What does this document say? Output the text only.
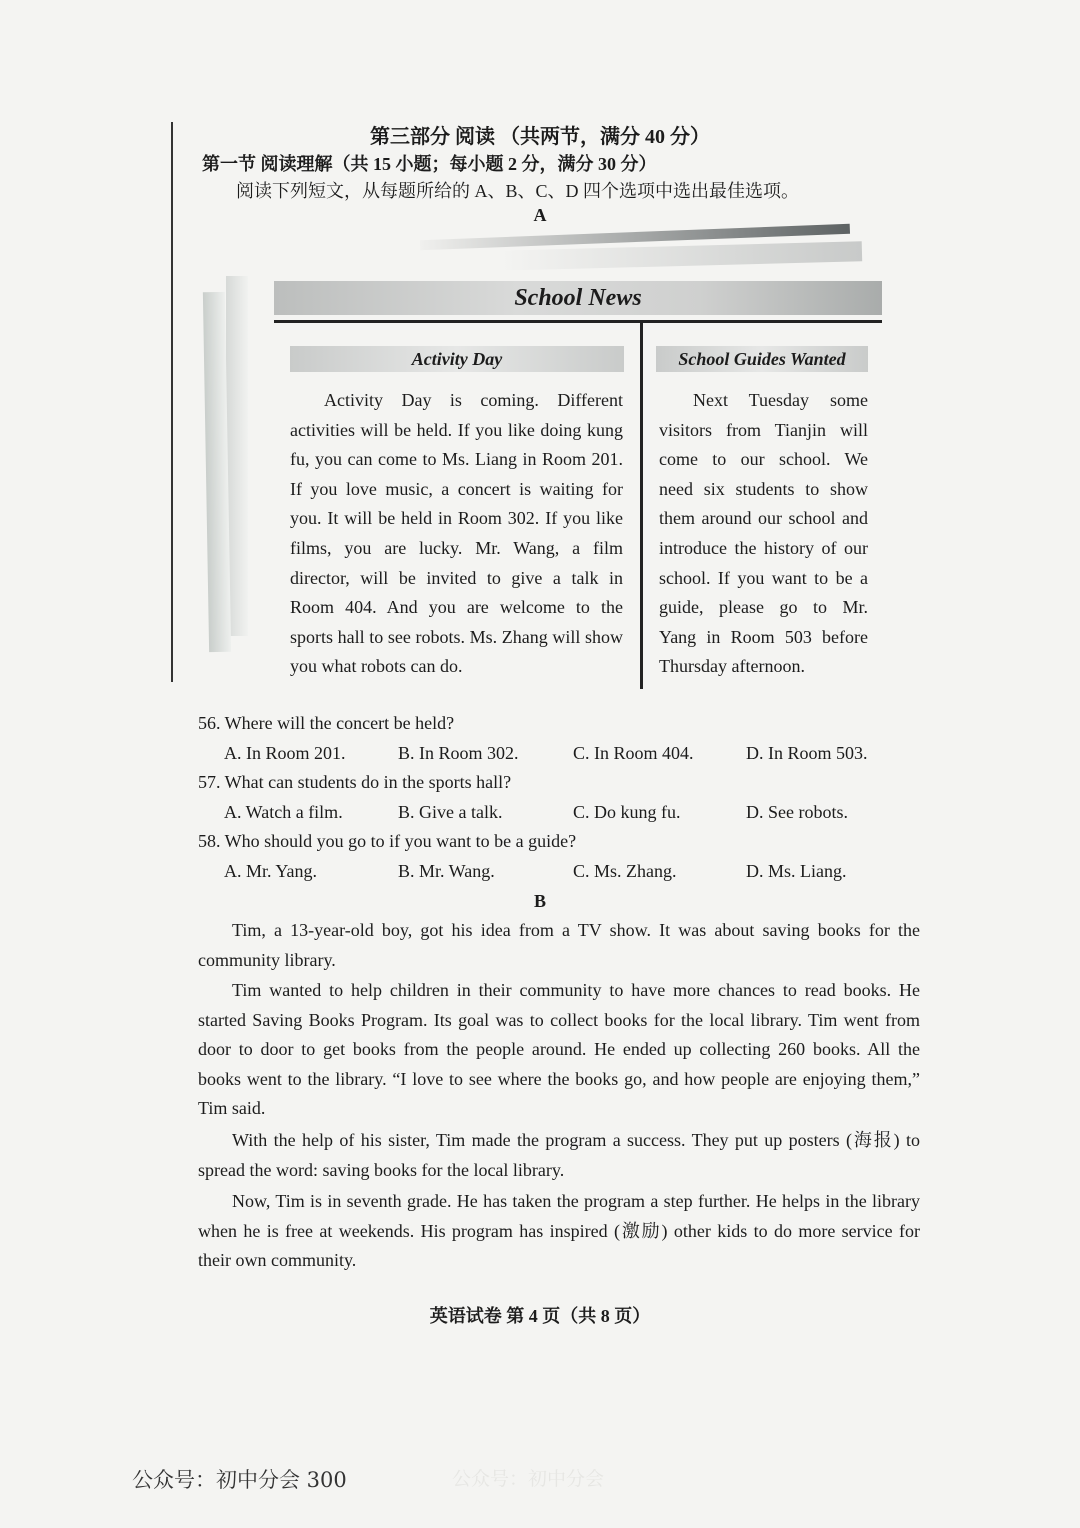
第三部分 阅读 （共两节，满分 40 分）
第一节 阅读理解（共 15 小题；每小题 2 分，满分 30 分）
阅读下列短文，从每题所给的 A、B、C、D 四个选项中选出最佳选项。
A
School News
Activity Day	School Guides Wanted
Activity Day is coming. Different
activities will be held. If you like doing kung
fu, you can come to Ms. Liang in Room 201.
If you love music, a concert is waiting for
you. It will be held in Room 302. If you like
films, you are lucky. Mr. Wang, a film
director, will be invited to give a talk in
Room 404. And you are welcome to the
sports hall to see robots. Ms. Zhang will show
you what robots can do.
Next Tuesday some
visitors from Tianjin will
come to our school. We
need six students to show
them around our school and
introduce the history of our
school. If you want to be a
guide, please go to Mr.
Yang in Room 503 before
Thursday afternoon.
56. Where will the concert be held?
A. In Room 201.	B. In Room 302.	C. In Room 404.	D. In Room 503.
57. What can students do in the sports hall?
A. Watch a film.	B. Give a talk.	C. Do kung fu.	D. See robots.
58. Who should you go to if you want to be a guide?
A. Mr. Yang.	B. Mr. Wang.	C. Ms. Zhang.	D. Ms. Liang.
B
Tim, a 13-year-old boy, got his idea from a TV show. It was about saving books for the
community library.
Tim wanted to help children in their community to have more chances to read books. He
started Saving Books Program. Its goal was to collect books for the local library. Tim went from
door to door to get books from the people around. He ended up collecting 260 books. All the
books went to the library. “I love to see where the books go, and how people are enjoying them,”
Tim said.
With the help of his sister, Tim made the program a success. They put up posters (海报) to
spread the word: saving books for the local library.
Now, Tim is in seventh grade. He has taken the program a step further. He helps in the library
when he is free at weekends. His program has inspired (激励) other kids to do more service for
their own community.
英语试卷 第 4 页（共 8 页）
公众号：初中分会 300	公众号：初中分会
